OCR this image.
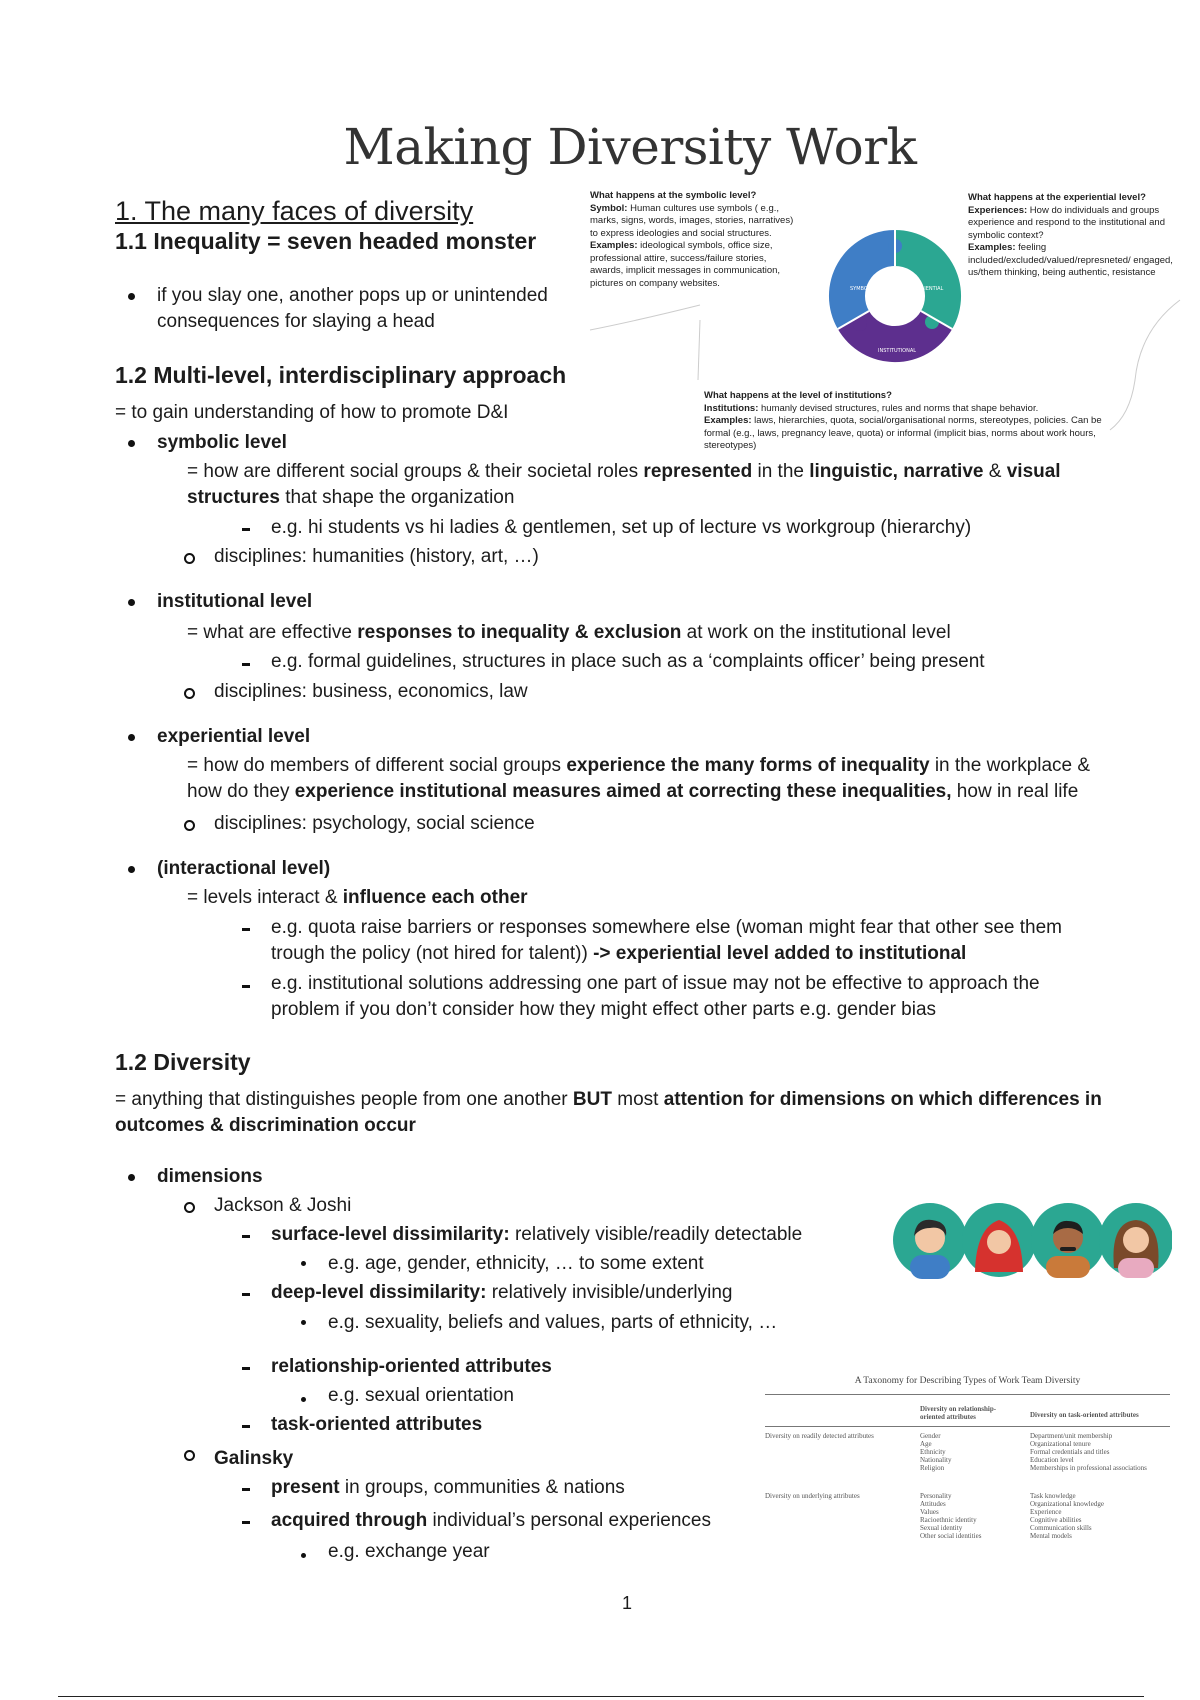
Making Diversity Work
1. The many faces of diversity
1.1 Inequality = seven headed monster
if you slay one, another pops up or unintended
consequences for slaying a head
1.2 Multi-level, interdisciplinary approach
= to gain understanding of how to promote D&I
symbolic level
= how are different social groups & their societal roles represented in the linguistic, narrative & visual
structures that shape the organization
e.g. hi students vs hi ladies & gentlemen, set up of lecture vs workgroup (hierarchy)
disciplines: humanities (history, art, …)
institutional level
= what are effective responses to inequality & exclusion at work on the institutional level
e.g. formal guidelines, structures in place such as a ‘complaints officer’ being present
disciplines: business, economics, law
experiential level
= how do members of different social groups experience the many forms of inequality in the workplace &
how do they experience institutional measures aimed at correcting these inequalities, how in real life
disciplines: psychology, social science
(interactional level)
= levels interact & influence each other
e.g. quota raise barriers or responses somewhere else (woman might fear that other see them
trough the policy (not hired for talent)) -> experiential level added to institutional
e.g. institutional solutions addressing one part of issue may not be effective to approach the
problem if you don’t consider how they might effect other parts e.g. gender bias
1.2 Diversity
= anything that distinguishes people from one another BUT most attention for dimensions on which differences in
outcomes & discrimination occur
dimensions
Jackson & Joshi
surface-level dissimilarity: relatively visible/readily detectable
e.g. age, gender, ethnicity, … to some extent
deep-level dissimilarity: relatively invisible/underlying
e.g. sexuality, beliefs and values, parts of ethnicity, …
relationship-oriented attributes
e.g. sexual orientation
task-oriented attributes
Galinsky
present in groups, communities & nations
acquired through individual’s personal experiences
e.g. exchange year
What happens at the symbolic level?
Symbol: Human cultures use symbols ( e.g., marks, signs, words, images, stories, narratives) to express ideologies and social structures.
Examples: ideological symbols, office size, professional attire, success/failure stories, awards, implicit messages in communication, pictures on company websites.
What happens at the experiential level?
Experiences: How do individuals and groups experience and respond to the institutional and symbolic context?
Examples: feeling included/excluded/valued/represneted/ engaged, us/them thinking, being authentic, resistance
What happens at the level of institutions?
Institutions: humanly devised structures, rules and norms that shape behavior.
Examples: laws, hierarchies, quota, social/organisational norms, stereotypes, policies. Can be formal (e.g., laws, pregnancy leave, quota) or informal (implicit bias, norms about work hours, stereotypes)
SYMBOLICAL	EXPERIENTIAL
INSTITUTIONAL
A Taxonomy for Describing Types of Work Team Diversity
Diversity on relationship-oriented attributes	Diversity on task-oriented attributes
Diversity on readily detected attributes
Diversity on underlying attributes
Gender
Age
Ethnicity
Nationality
Religion
Department/unit membership
Organizational tenure
Formal credentials and titles
Education level
Memberships in professional associations
Personality
Attitudes
Values
Racioethnic identity
Sexual identity
Other social identities
Task knowledge
Organizational knowledge
Experience
Cognitive abilities
Communication skills
Mental models
1
